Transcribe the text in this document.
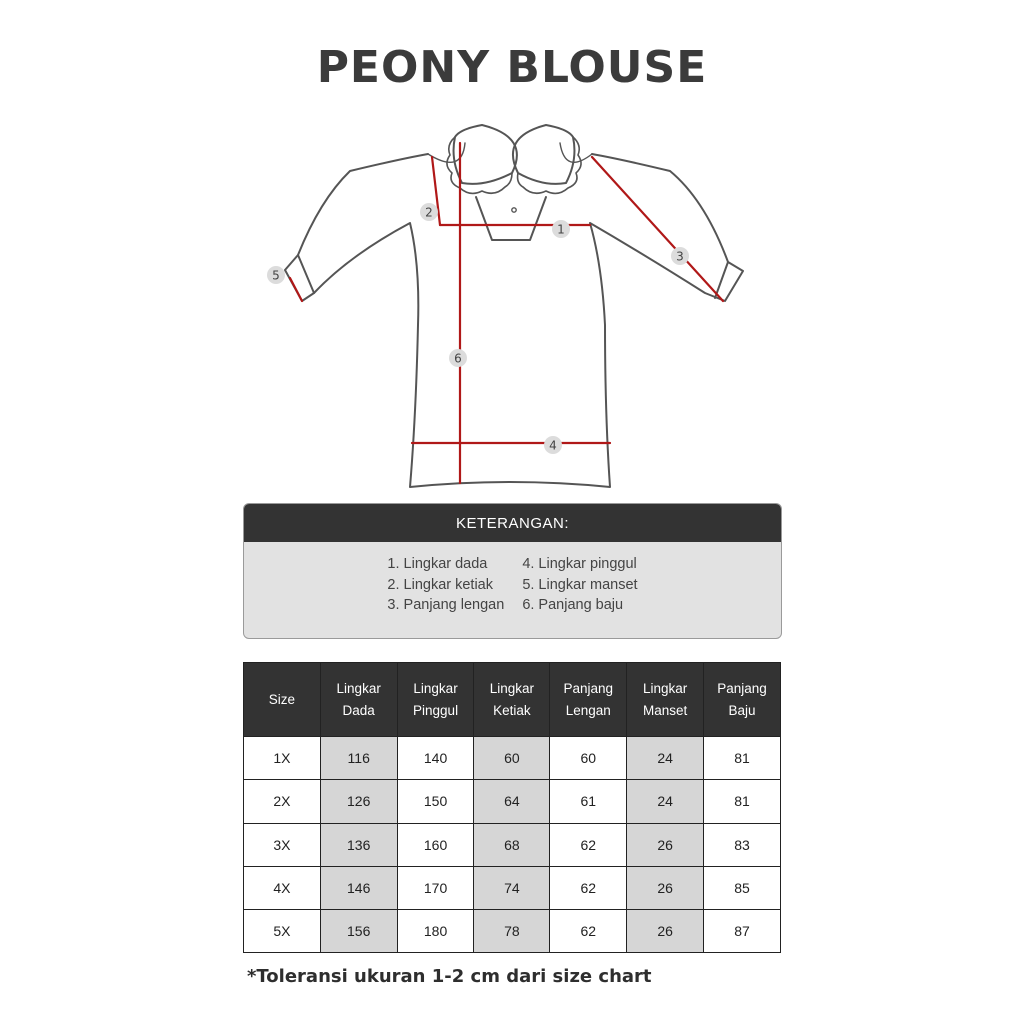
PEONY BLOUSE
1
2
3
4
5
6
KETERANGAN:
1. Lingkar dada
2. Lingkar ketiak
3. Panjang lengan
4. Lingkar pinggul
5. Lingkar manset
6. Panjang baju
Size	Lingkar Dada	Lingkar Pinggul	Lingkar Ketiak	Panjang Lengan	Lingkar Manset	Panjang Baju
1X	116	140	60	60	24	81
2X	126	150	64	61	24	81
3X	136	160	68	62	26	83
4X	146	170	74	62	26	85
5X	156	180	78	62	26	87
*Toleransi ukuran 1-2 cm dari size chart
